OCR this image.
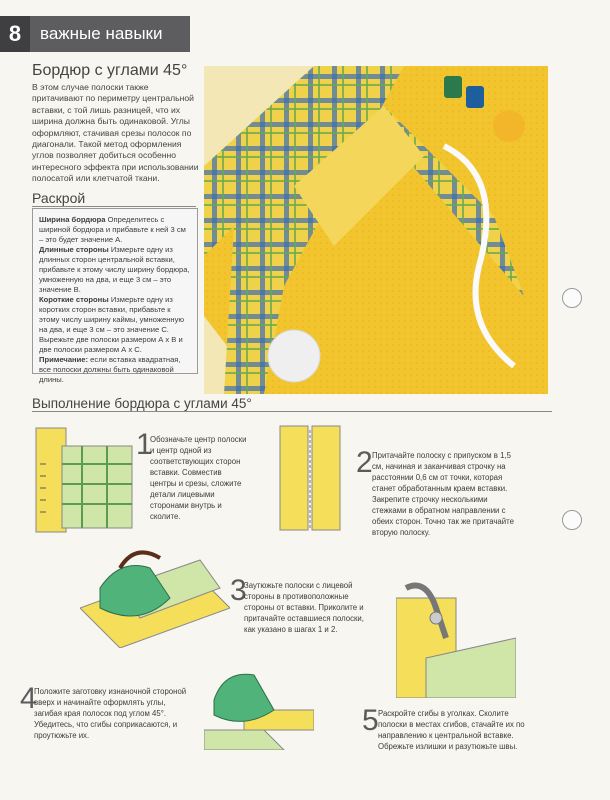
8	важные навыки
Бордюр с углами 45°
В этом случае полоски также притачивают по периметру центральной вставки, с той лишь разницей, что их ширина должна быть одинаковой. Углы оформляют, стачивая срезы полосок по диагонали. Такой метод оформления углов позволяет добиться особенно интересного эффекта при использовании полосатой или клетчатой ткани.
Раскрой

Ширина бордюра Определитесь с шириной бордюра и прибавьте к ней 3 см – это будет значение А.

Длинные стороны Измерьте одну из длинных сторон центральной вставки, прибавьте к этому числу ширину бордюра, умноженную на два, и еще 3 см – это значение В.

Короткие стороны Измерьте одну из коротких сторон вставки, прибавьте к этому числу ширину каймы, умноженную на два, и еще 3 см – это значение С. Вырежьте две полоски размером А х В и две полоски размером А х С.

Примечание: если вставка квадратная, все полоски должны быть одинаковой длины.

Выполнение бордюра с углами 45°
1
Обозначьте центр полоски и центр одной из соответствующих сторон вставки. Совместив центры и срезы, сложите детали лицевыми сторонами внутрь и сколите.
2 Притачайте полоску с припуском в 1,5 см, начиная и заканчивая строчку на расстоянии 0,6 см от точки, которая станет обработанным краем вставки. Закрепите строчку несколькими стежками в обратном направлении с обеих сторон. Точно так же притачайте вторую полоску.
3
Заутюжьте полоски с лицевой стороны в противоположные стороны от вставки. Приколите и притачайте оставшиеся полоски, как указано в шагах 1 и 2.
4
Положите заготовку изнаночной стороной вверх и начинайте оформлять углы, загибая края полосок под углом 45°. Убедитесь, что сгибы соприкасаются, и проутюжьте их.	5 Раскройте сгибы в уголках. Сколите полоски в местах сгибов, стачайте их по направлению к центральной вставке. Обрежьте излишки и разутюжьте швы.
